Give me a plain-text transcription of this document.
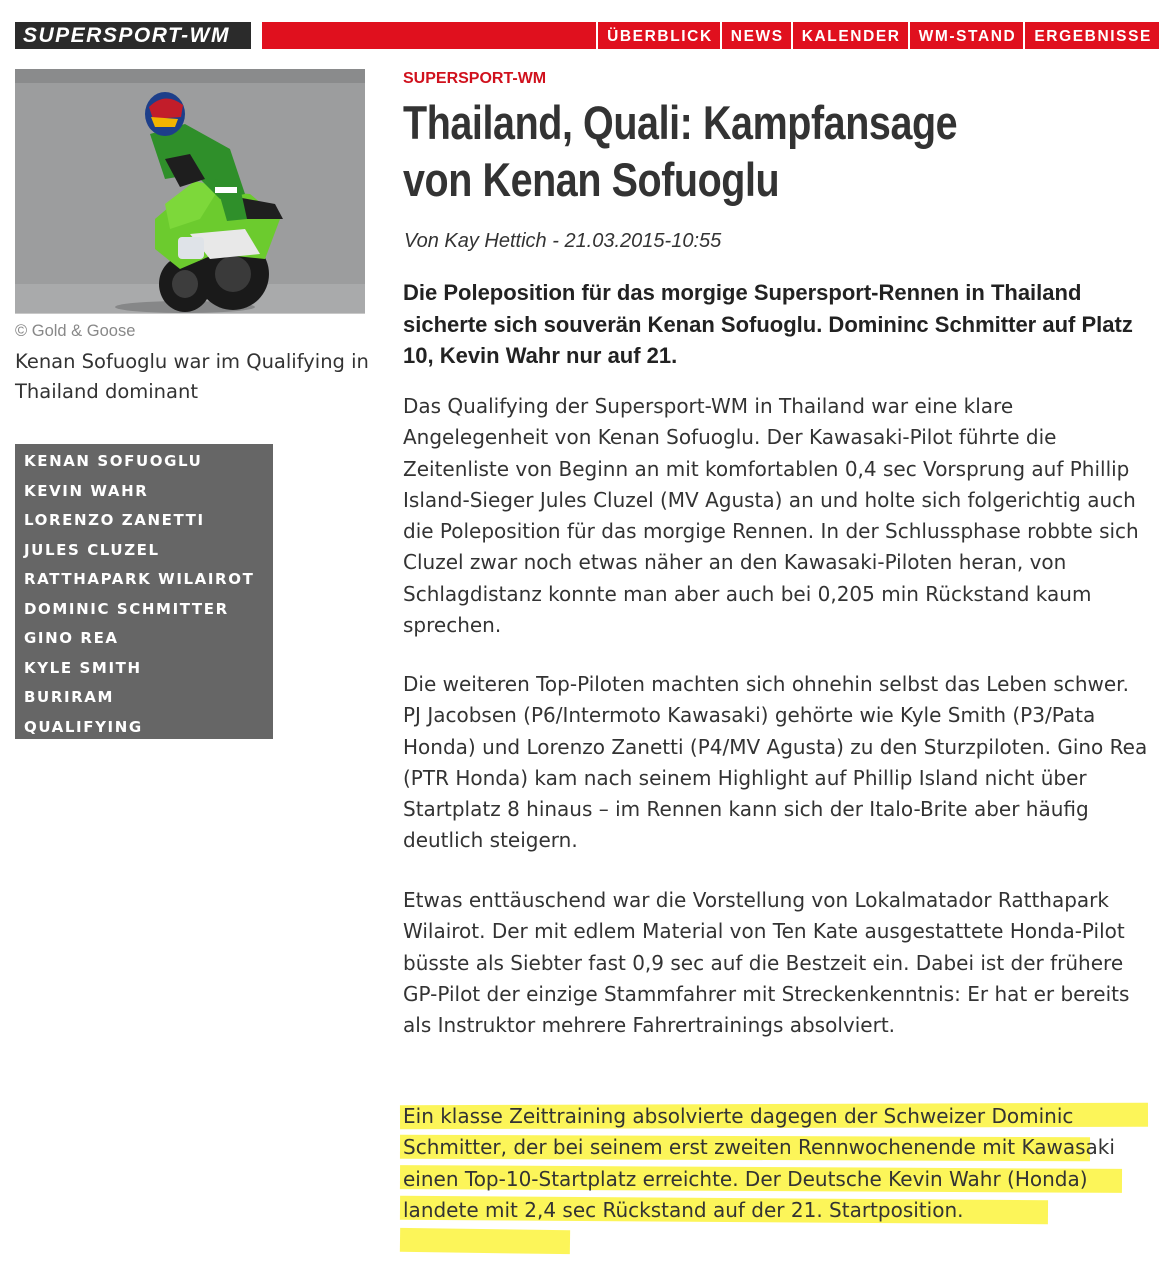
SUPERSPORT-WM	ÜBERBLICK	NEWS	KALENDER	WM-STAND	ERGEBNISSE
© Gold & Goose
Kenan Sofuoglu war im Qualifying in Thailand dominant
KENAN SOFUOGLU
KEVIN WAHR
LORENZO ZANETTI
JULES CLUZEL
RATTHAPARK WILAIROT
DOMINIC SCHMITTER
GINO REA
KYLE SMITH
BURIRAM
QUALIFYING
SUPERSPORT-WM
Thailand, Quali: Kampfansage von Kenan Sofuoglu
Von Kay Hettich - 21.03.2015-10:55

Die Poleposition für das morgige Supersport-Rennen in Thailand sicherte sich souverän Kenan Sofuoglu. Domininc Schmitter auf Platz 10, Kevin Wahr nur auf 21.

Das Qualifying der Supersport-WM in Thailand war eine klare Angelegenheit von Kenan Sofuoglu. Der Kawasaki-Pilot führte die Zeitenliste von Beginn an mit komfortablen 0,4 sec Vorsprung auf Phillip Island-Sieger Jules Cluzel (MV Agusta) an und holte sich folgerichtig auch die Poleposition für das morgige Rennen. In der Schlussphase robbte sich Cluzel zwar noch etwas näher an den Kawasaki-Piloten heran, von Schlagdistanz konnte man aber auch bei 0,205 min Rückstand kaum sprechen.

Die weiteren Top-Piloten machten sich ohnehin selbst das Leben schwer. PJ Jacobsen (P6/Intermoto Kawasaki) gehörte wie Kyle Smith (P3/Pata Honda) und Lorenzo Zanetti (P4/MV Agusta) zu den Sturzpiloten. Gino Rea (PTR Honda) kam nach seinem Highlight auf Phillip Island nicht über Startplatz 8 hinaus – im Rennen kann sich der Italo-Brite aber häufig deutlich steigern.

Etwas enttäuschend war die Vorstellung von Lokalmatador Ratthapark Wilairot. Der mit edlem Material von Ten Kate ausgestattete Honda-Pilot büsste als Siebter fast 0,9 sec auf die Bestzeit ein. Dabei ist der frühere GP-Pilot der einzige Stammfahrer mit Streckenkenntnis: Er hat er bereits als Instruktor mehrere Fahrertrainings absolviert.

Ein klasse Zeittraining absolvierte dagegen der Schweizer Dominic Schmitter, der bei seinem erst zweiten Rennwochenende mit Kawasaki einen Top-10-Startplatz erreichte. Der Deutsche Kevin Wahr (Honda) landete mit 2,4 sec Rückstand auf der 21. Startposition.
